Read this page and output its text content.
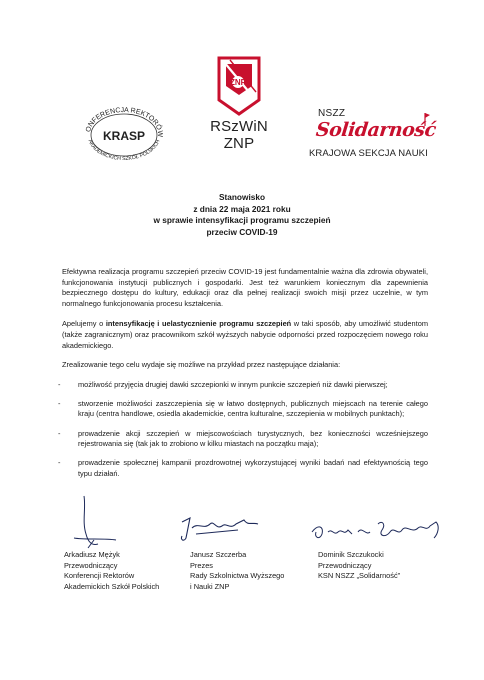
ONFERENCJA REKTORÓW
KRASP
AKADEMICKICH SZKÓŁ POLSKICH
ZNP
RSzWiN
ZNP
NSZZ
Solidarność
KRAJOWA SEKCJA NAUKI
Stanowisko
z dnia 22 maja 2021 roku
w sprawie intensyfikacji programu szczepień
przeciw COVID-19

Efektywna realizacja programu szczepień przeciw COVID-19 jest fundamentalnie ważna dla zdrowia obywateli, funkcjonowania instytucji publicznych i gospodarki. Jest też warunkiem koniecznym dla zapewnienia bezpiecznego dostępu do kultury, edukacji oraz dla pełnej realizacji swoich misji przez uczelnie, w tym normalnego funkcjonowania procesu kształcenia.

Apelujemy o intensyfikację i uelastycznienie programu szczepień w taki sposób, aby umożliwić studentom (także zagranicznym) oraz pracownikom szkół wyższych nabycie odporności przed rozpoczęciem nowego roku akademickiego.

Zrealizowanie tego celu wydaje się możliwe na przykład przez następujące działania:

- możliwość przyjęcia drugiej dawki szczepionki w innym punkcie szczepień niż dawki pierwszej;
- stworzenie możliwości zaszczepienia się w łatwo dostępnych, publicznych miejscach na terenie całego kraju (centra handlowe, osiedla akademickie, centra kulturalne, szczepienia w mobilnych punktach);
- prowadzenie akcji szczepień w miejscowościach turystycznych, bez konieczności wcześniejszego rejestrowania się (tak jak to zrobiono w kilku miastach na początku maja);
- prowadzenie społecznej kampanii prozdrowotnej wykorzystującej wyniki badań nad efektywnością tego typu działań.
Arkadiusz Mężyk
Przewodniczący
Konferencji Rektorów
Akademickich Szkół Polskich
Janusz Szczerba
Prezes
Rady Szkolnictwa Wyższego
i Nauki ZNP
Dominik Szczukocki
Przewodniczący
KSN NSZZ „Solidarność”
